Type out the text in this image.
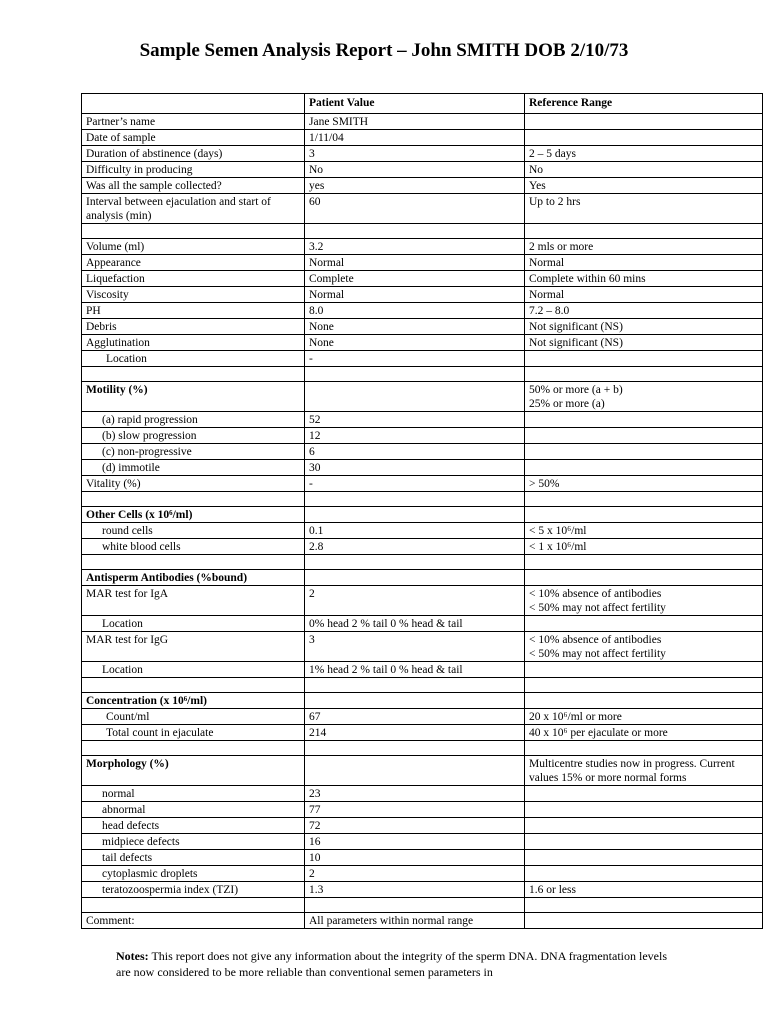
Sample Semen Analysis Report – John SMITH DOB 2/10/73
	Patient Value	Reference Range
Partner’s name	Jane SMITH	
Date of sample	1/11/04	
Duration of abstinence (days)	3	2 – 5 days
Difficulty in producing	No	No
Was all the sample collected?	yes	Yes
Interval between ejaculation and start of analysis (min)	60	Up to 2 hrs

Volume (ml)	3.2	2 mls or more
Appearance	Normal	Normal
Liquefaction	Complete	Complete within 60 mins
Viscosity	Normal	Normal
PH	8.0	7.2 – 8.0
Debris	None	Not significant (NS)
Agglutination	None	Not significant (NS)
Location	-	

Motility (%)		50% or more (a + b)
25% or more (a)
(a) rapid progression	52	
(b) slow progression	12	
(c) non-progressive	6	
(d) immotile	30	
Vitality (%)	-	> 50%

Other Cells (x 10⁶/ml)		
round cells	0.1	< 5 x 10⁶/ml
white blood cells	2.8	< 1 x 10⁶/ml

Antisperm Antibodies (%bound)		
MAR test for IgA	2	< 10% absence of antibodies
< 50% may not affect fertility
Location	0% head 2 % tail 0 % head & tail	
MAR test for IgG	3	< 10% absence of antibodies
< 50% may not affect fertility
Location	1% head 2 % tail 0 % head & tail	

Concentration (x 10⁶/ml)		
Count/ml	67	20 x 10⁶/ml or more
Total count in ejaculate	214	40 x 10⁶ per ejaculate or more

Morphology (%)		Multicentre studies now in progress. Current values 15% or more normal forms
normal	23	
abnormal	77	
head defects	72	
midpiece defects	16	
tail defects	10	
cytoplasmic droplets	2	
teratozoospermia index (TZI)	1.3	1.6 or less

Comment:	All parameters within normal range	
Notes: This report does not give any information about the integrity of the sperm DNA. DNA fragmentation levels are now considered to be more reliable than conventional semen parameters in
